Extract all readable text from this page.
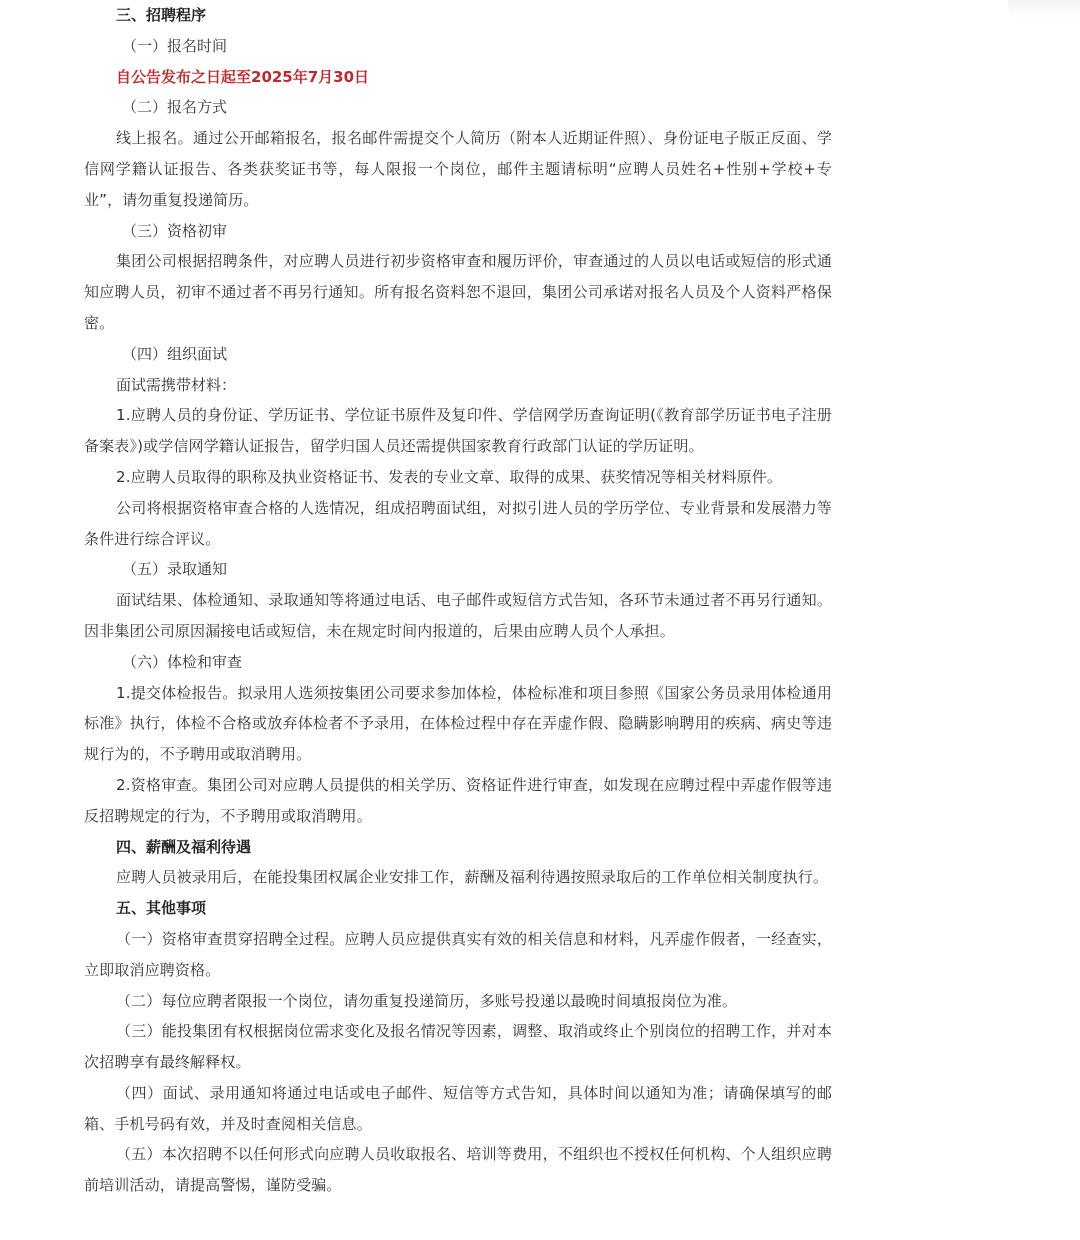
三、招聘程序

（一）报名时间

自公告发布之日起至2025年7月30日

（二）报名方式

线上报名。通过公开邮箱报名，报名邮件需提交个人简历（附本人近期证件照）、身份证电子版正反面、学信网学籍认证报告、各类获奖证书等，每人限报一个岗位，邮件主题请标明“应聘人员姓名+性别+学校+专业”，请勿重复投递简历。

（三）资格初审

集团公司根据招聘条件，对应聘人员进行初步资格审查和履历评价，审查通过的人员以电话或短信的形式通知应聘人员，初审不通过者不再另行通知。所有报名资料恕不退回，集团公司承诺对报名人员及个人资料严格保密。

（四）组织面试

面试需携带材料：

1.应聘人员的身份证、学历证书、学位证书原件及复印件、学信网学历查询证明(《教育部学历证书电子注册备案表》)或学信网学籍认证报告，留学归国人员还需提供国家教育行政部门认证的学历证明。

2.应聘人员取得的职称及执业资格证书、发表的专业文章、取得的成果、获奖情况等相关材料原件。

公司将根据资格审查合格的人选情况，组成招聘面试组，对拟引进人员的学历学位、专业背景和发展潜力等条件进行综合评议。

（五）录取通知

面试结果、体检通知、录取通知等将通过电话、电子邮件或短信方式告知，各环节未通过者不再另行通知。因非集团公司原因漏接电话或短信，未在规定时间内报道的，后果由应聘人员个人承担。

（六）体检和审查

1.提交体检报告。拟录用人选须按集团公司要求参加体检，体检标准和项目参照《国家公务员录用体检通用标准》执行，体检不合格或放弃体检者不予录用，在体检过程中存在弄虚作假、隐瞒影响聘用的疾病、病史等违规行为的，不予聘用或取消聘用。

2.资格审查。集团公司对应聘人员提供的相关学历、资格证件进行审查，如发现在应聘过程中弄虚作假等违反招聘规定的行为，不予聘用或取消聘用。

四、薪酬及福利待遇

应聘人员被录用后，在能投集团权属企业安排工作，薪酬及福利待遇按照录取后的工作单位相关制度执行。

五、其他事项

（一）资格审查贯穿招聘全过程。应聘人员应提供真实有效的相关信息和材料，凡弄虚作假者，一经查实，立即取消应聘资格。

（二）每位应聘者限报一个岗位，请勿重复投递简历，多账号投递以最晚时间填报岗位为准。

（三）能投集团有权根据岗位需求变化及报名情况等因素，调整、取消或终止个别岗位的招聘工作，并对本次招聘享有最终解释权。

（四）面试、录用通知将通过电话或电子邮件、短信等方式告知，具体时间以通知为准；请确保填写的邮箱、手机号码有效，并及时查阅相关信息。

（五）本次招聘不以任何形式向应聘人员收取报名、培训等费用，不组织也不授权任何机构、个人组织应聘前培训活动，请提高警惕，谨防受骗。
